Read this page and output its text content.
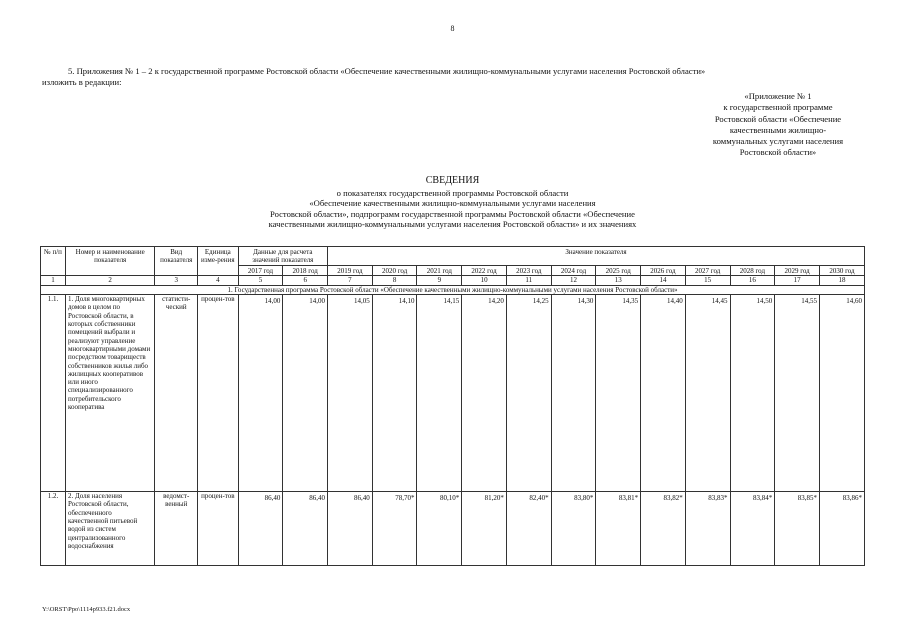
8
5. Приложения № 1 – 2 к государственной программе Ростовской области «Обеспечение качественными жилищно-коммунальными услугами населения Ростовской области»
изложить в редакции:
«Приложение № 1
к государственной программе
Ростовской области «Обеспечение
качественными жилищно-
коммунальных услугами населения
Ростовской области»
СВЕДЕНИЯ
о показателях государственной программы Ростовской области
«Обеспечение качественными жилищно-коммунальными услугами населения
Ростовской области», подпрограмм государственной программы Ростовской области «Обеспечение
качественными жилищно-коммунальными услугами населения Ростовской области» и их значениях
№ п/п	Номер и наименование показателя	Вид показателя	Единица изме-рения	Данные для расчета значений показателя		Значение показателя											
				2017 год	2018 год	2019 год	2020 год	2021 год	2022 год	2023 год	2024 год	2025 год	2026 год	2027 год	2028 год	2029 год	2030 год
1	2	3	4	5	6	7	8	9	10	11	12	13	14	15	16	17	18
1. Государственная программа Ростовской области «Обеспечение качественными жилищно-коммунальными услугами населения Ростовской области»																	
1.1.	1. Доля многоквартирных домов в целом по Ростовской области, в которых собственники помещений выбрали и реализуют управление многоквартирными домами посредством товариществ собственников жилья либо жилищных кооперативов или иного специализированного потребительского кооператива	статисти-ческий	процен-тов	14,00	14,00	14,05	14,10	14,15	14,20	14,25	14,30	14,35	14,40	14,45	14,50	14,55	14,60
1.2.	2. Доля населения Ростовской области, обеспеченного качественной питьевой водой из систем централизованного водоснабжения	ведомст-венный	процен-тов	86,40	86,40	86,40	78,70*	80,10*	81,20*	82,40*	83,80*	83,81*	83,82*	83,83*	83,84*	83,85*	83,86*
Y:\ORST\Ppo\1114p933.f21.docx
